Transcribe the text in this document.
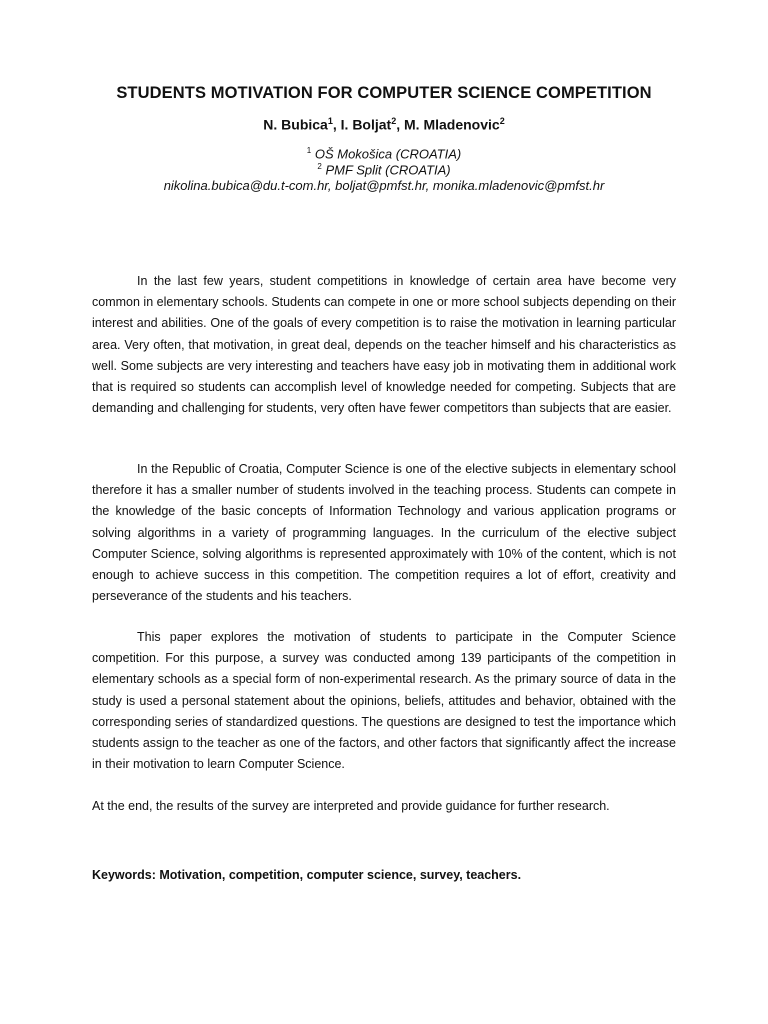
STUDENTS MOTIVATION FOR COMPUTER SCIENCE COMPETITION
N. Bubica$^1$, I. Boljat$^2$, M. Mladenovic$^2$
$^1$ OŠ Mokošica (CROATIA)
$^2$ PMF Split (CROATIA)
nikolina.bubica@du.t-com.hr, boljat@pmfst.hr, monika.mladenovic@pmfst.hr

In the last few years, student competitions in knowledge of certain area have become very common in elementary schools. Students can compete in one or more school subjects depending on their interest and abilities. One of the goals of every competition is to raise the motivation in learning particular area. Very often, that motivation, in great deal, depends on the teacher himself and his characteristics as well. Some subjects are very interesting and teachers have easy job in motivating them in additional work that is required so students can accomplish level of knowledge needed for competing. Subjects that are demanding and challenging for students, very often have fewer competitors than subjects that are easier.

In the Republic of Croatia, Computer Science is one of the elective subjects in elementary school therefore it has a smaller number of students involved in the teaching process. Students can compete in the knowledge of the basic concepts of Information Technology and various application programs or solving algorithms in a variety of programming languages. In the curriculum of the elective subject Computer Science, solving algorithms is represented approximately with 10% of the content, which is not enough to achieve success in this competition. The competition requires a lot of effort, creativity and perseverance of the students and his teachers.

This paper explores the motivation of students to participate in the Computer Science competition. For this purpose, a survey was conducted among 139 participants of the competition in elementary schools as a special form of non-experimental research. As the primary source of data in the study is used a personal statement about the opinions, beliefs, attitudes and behavior, obtained with the corresponding series of standardized questions. The questions are designed to test the importance which students assign to the teacher as one of the factors, and other factors that significantly affect the increase in their motivation to learn Computer Science.

At the end, the results of the survey are interpreted and provide guidance for further research.

Keywords: Motivation, competition, computer science, survey, teachers.
